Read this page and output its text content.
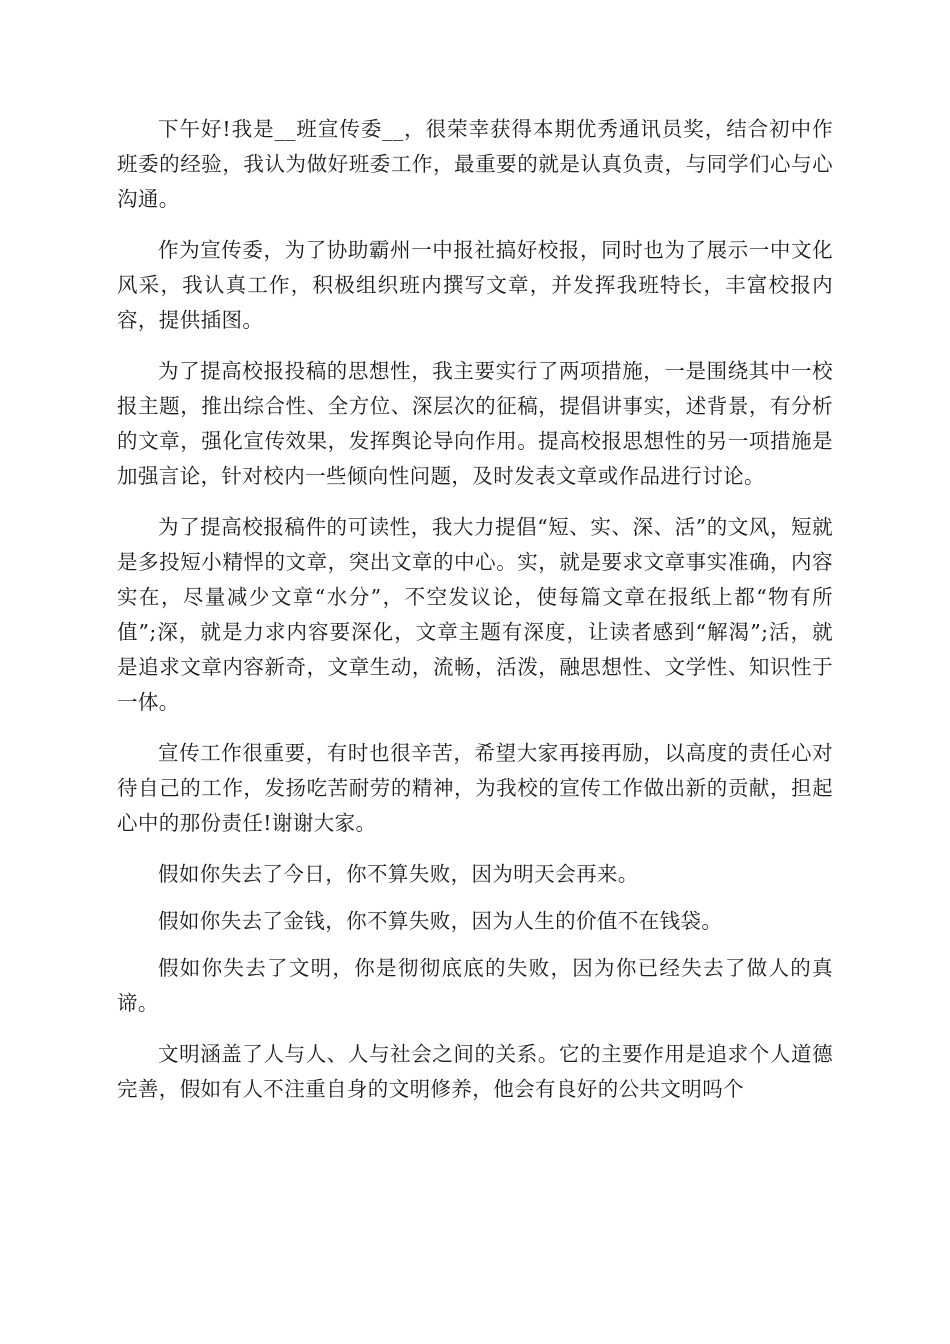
下午好!我是__班宣传委__，很荣幸获得本期优秀通讯员奖，结合初中作班委的经验，我认为做好班委工作，最重要的就是认真负责，与同学们心与心沟通。

作为宣传委，为了协助霸州一中报社搞好校报，同时也为了展示一中文化风采，我认真工作，积极组织班内撰写文章，并发挥我班特长，丰富校报内容，提供插图。

为了提高校报投稿的思想性，我主要实行了两项措施，一是围绕其中一校报主题，推出综合性、全方位、深层次的征稿，提倡讲事实，述背景，有分析的文章，强化宣传效果，发挥舆论导向作用。提高校报思想性的另一项措施是加强言论，针对校内一些倾向性问题，及时发表文章或作品进行讨论。

为了提高校报稿件的可读性，我大力提倡“短、实、深、活”的文风，短就是多投短小精悍的文章，突出文章的中心。实，就是要求文章事实准确，内容实在，尽量减少文章“水分”，不空发议论，使每篇文章在报纸上都“物有所值”;深，就是力求内容要深化，文章主题有深度，让读者感到“解渴”;活，就是追求文章内容新奇，文章生动，流畅，活泼，融思想性、文学性、知识性于一体。

宣传工作很重要，有时也很辛苦，希望大家再接再励，以高度的责任心对待自己的工作，发扬吃苦耐劳的精神，为我校的宣传工作做出新的贡献，担起心中的那份责任!谢谢大家。

假如你失去了今日，你不算失败，因为明天会再来。

假如你失去了金钱，你不算失败，因为人生的价值不在钱袋。

假如你失去了文明，你是彻彻底底的失败，因为你已经失去了做人的真谛。

文明涵盖了人与人、人与社会之间的关系。它的主要作用是追求个人道德完善，假如有人不注重自身的文明修养，他会有良好的公共文明吗个
